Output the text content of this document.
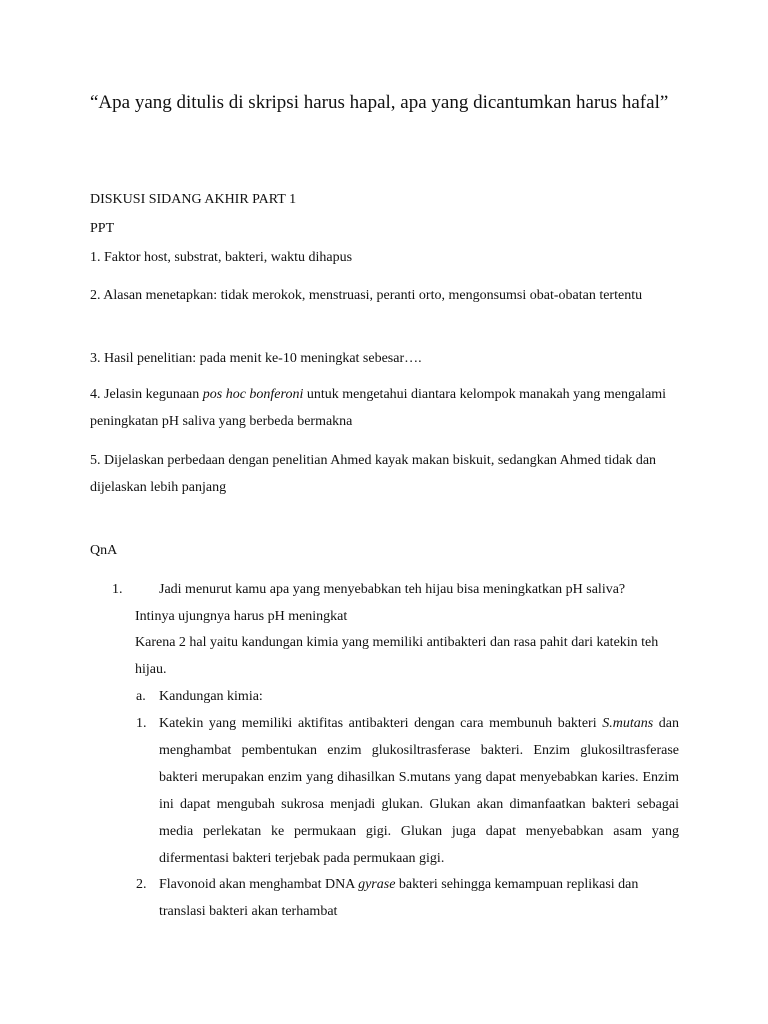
“Apa yang ditulis di skripsi harus hapal, apa yang dicantumkan harus hafal”
DISKUSI SIDANG AKHIR PART 1
PPT
1. Faktor host, substrat, bakteri, waktu dihapus
2. Alasan menetapkan: tidak merokok, menstruasi, peranti orto, mengonsumsi obat-obatan tertentu
3. Hasil penelitian: pada menit ke-10 meningkat sebesar….
4. Jelasin kegunaan pos hoc bonferoni untuk mengetahui diantara kelompok manakah yang mengalami peningkatan pH saliva yang berbeda bermakna
5. Dijelaskan perbedaan dengan penelitian Ahmed kayak makan biskuit, sedangkan Ahmed tidak dan dijelaskan lebih panjang
QnA
1.	Jadi menurut kamu apa yang menyebabkan teh hijau bisa meningkatkan pH saliva?
Intinya ujungnya harus pH meningkat
Karena 2 hal yaitu kandungan kimia yang memiliki antibakteri dan rasa pahit dari katekin teh hijau.
a. Kandungan kimia:
1. Katekin yang memiliki aktifitas antibakteri dengan cara membunuh bakteri S.mutans dan menghambat pembentukan enzim glukosiltrasferase bakteri. Enzim glukosiltrasferase bakteri merupakan enzim yang dihasilkan S.mutans yang dapat menyebabkan karies. Enzim ini dapat mengubah sukrosa menjadi glukan. Glukan akan dimanfaatkan bakteri sebagai media perlekatan ke permukaan gigi. Glukan juga dapat menyebabkan asam yang difermentasi bakteri terjebak pada permukaan gigi.
2. Flavonoid akan menghambat DNA gyrase bakteri sehingga kemampuan replikasi dan translasi bakteri akan terhambat
